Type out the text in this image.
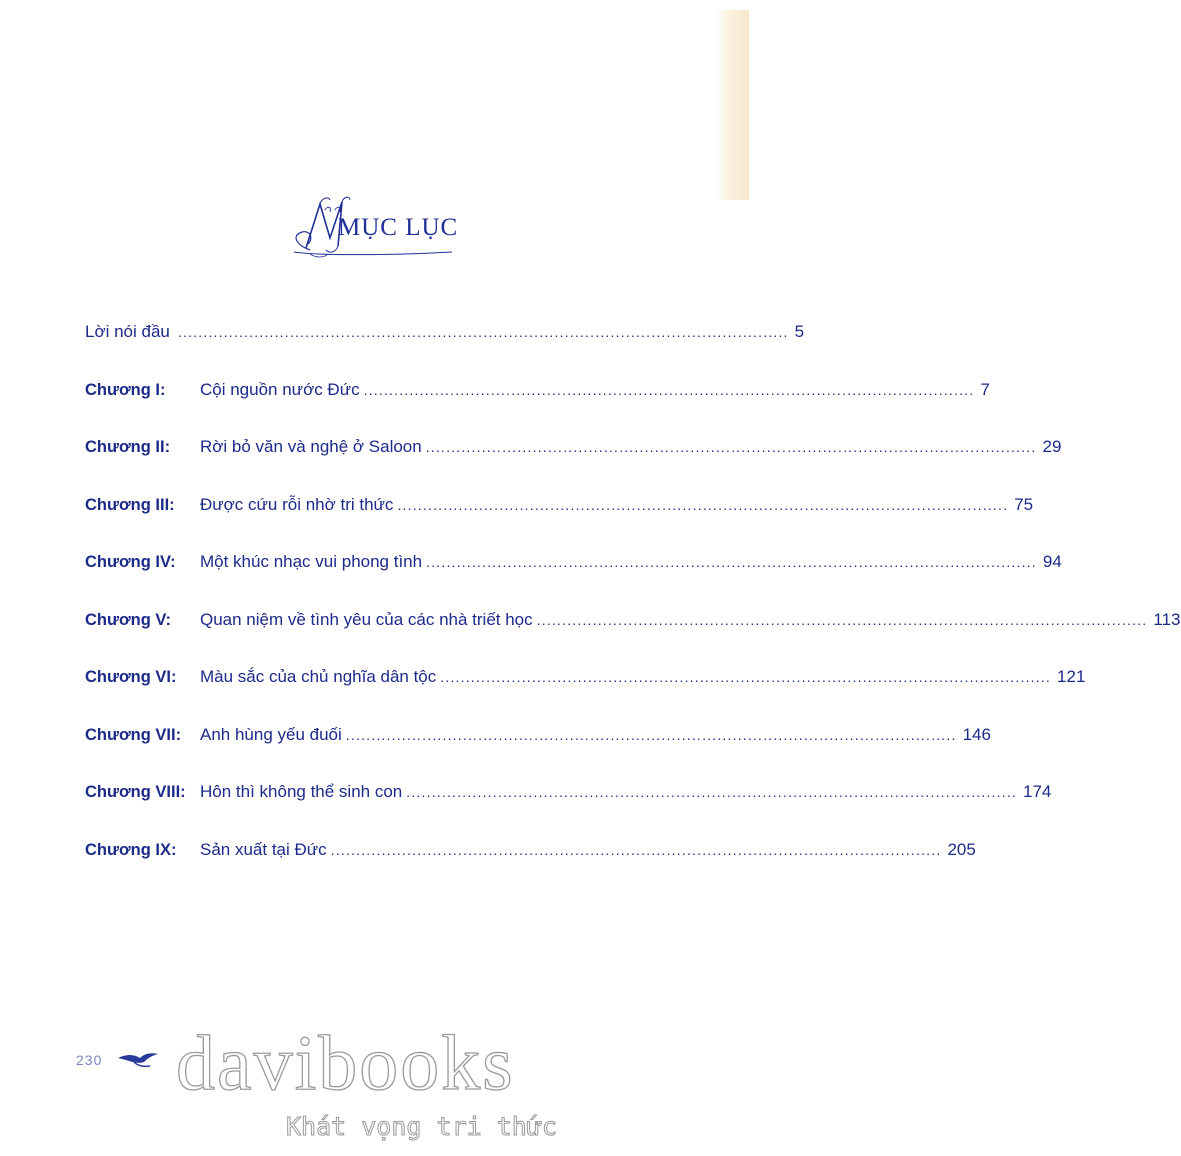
MỤC LỤC
Lời nói đầu ........................................................................................................................ 5
Chương I:	Cội nguồn nước Đức ........................................................................................................................ 7
Chương II:	Rời bỏ văn và nghệ ở Saloon ........................................................................................................................ 29
Chương III:	Được cứu rỗi nhờ tri thức ........................................................................................................................ 75
Chương IV:	Một khúc nhạc vui phong tình ........................................................................................................................ 94
Chương V:	Quan niệm về tình yêu của các nhà triết học ........................................................................................................................ 113
Chương VI:	Màu sắc của chủ nghĩa dân tộc ........................................................................................................................ 121
Chương VII:	Anh hùng yếu đuối ........................................................................................................................ 146
Chương VIII: Hôn thì không thể sinh con ........................................................................................................................ 174
Chương IX:	Sản xuất tại Đức ........................................................................................................................ 205
230 davibooks
Khát vọng tri thức
